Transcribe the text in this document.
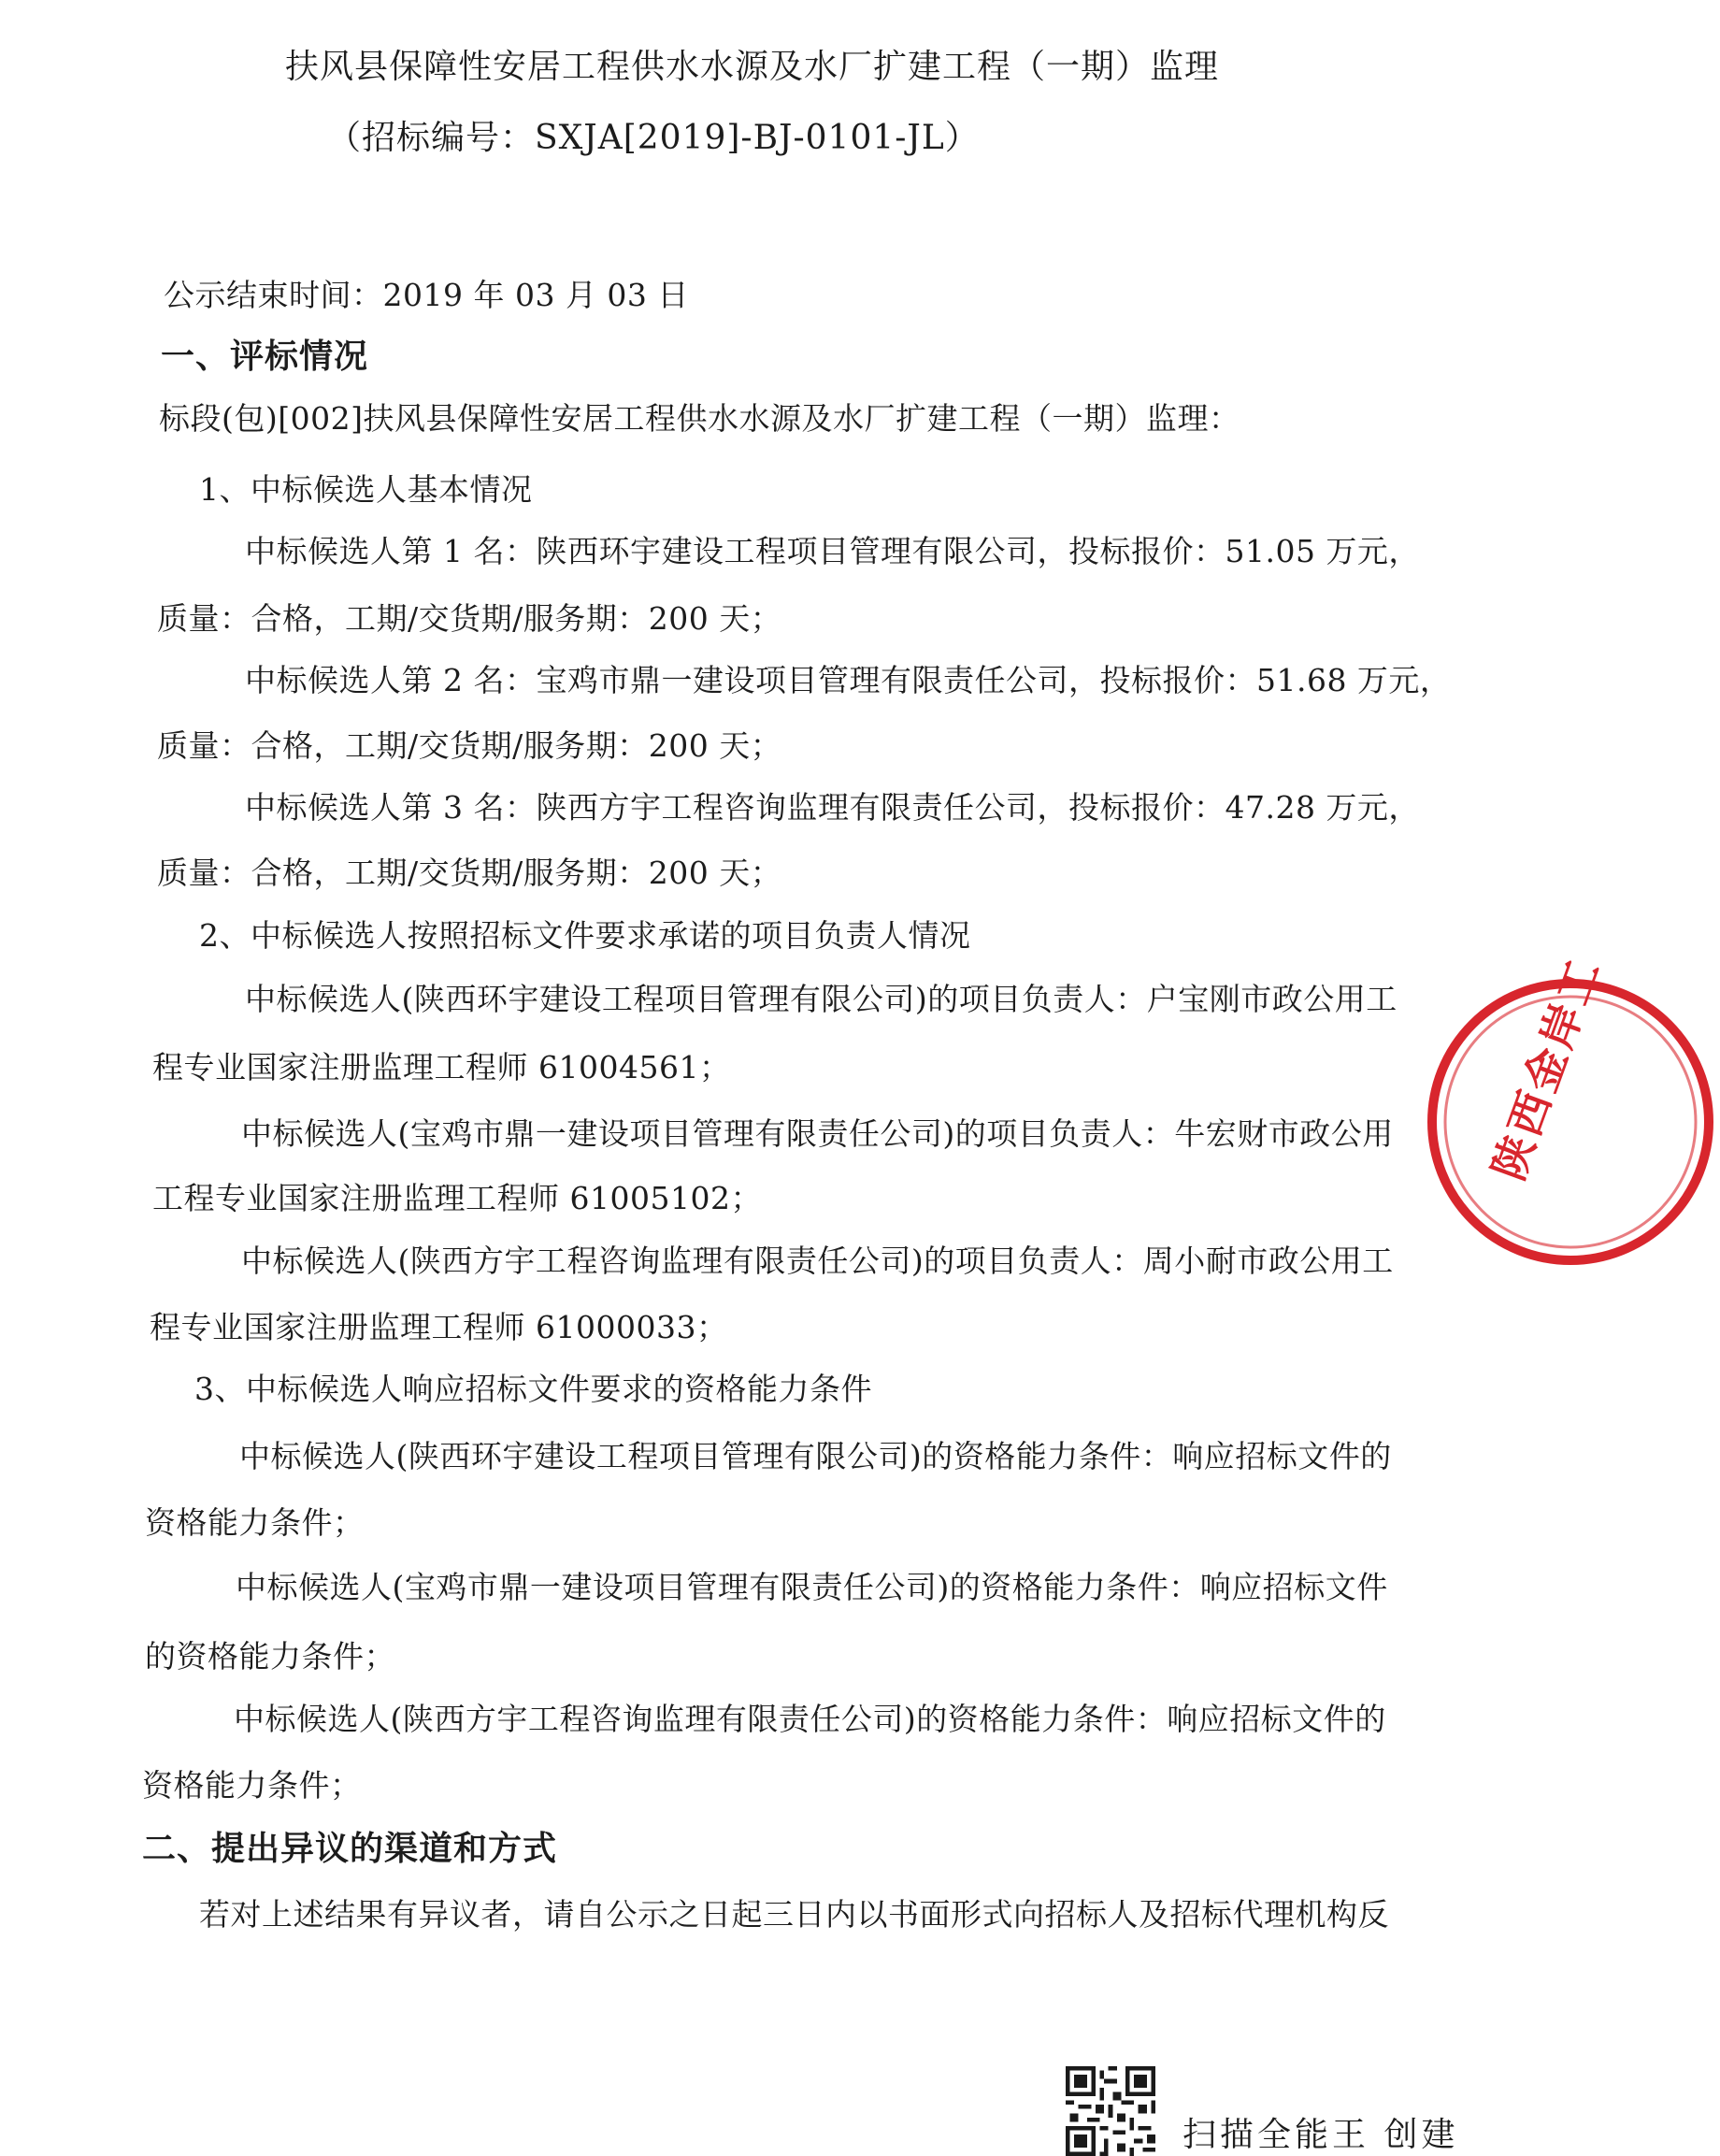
扶风县保障性安居工程供水水源及水厂扩建工程（一期）监理
（招标编号：SXJA[2019]-BJ-0101-JL）
公示结束时间：2019 年 03 月 03 日
一、评标情况
标段(包)[002]扶风县保障性安居工程供水水源及水厂扩建工程（一期）监理：
1、中标候选人基本情况
中标候选人第 1 名：陕西环宇建设工程项目管理有限公司，投标报价：51.05 万元，
质量：合格，工期/交货期/服务期：200 天；
中标候选人第 2 名：宝鸡市鼎一建设项目管理有限责任公司，投标报价：51.68 万元，
质量：合格，工期/交货期/服务期：200 天；
中标候选人第 3 名：陕西方宇工程咨询监理有限责任公司，投标报价：47.28 万元，
质量：合格，工期/交货期/服务期：200 天；
2、中标候选人按照招标文件要求承诺的项目负责人情况
中标候选人(陕西环宇建设工程项目管理有限公司)的项目负责人：户宝刚市政公用工
程专业国家注册监理工程师 61004561；
中标候选人(宝鸡市鼎一建设项目管理有限责任公司)的项目负责人：牛宏财市政公用
工程专业国家注册监理工程师 61005102；
中标候选人(陕西方宇工程咨询监理有限责任公司)的项目负责人：周小耐市政公用工
程专业国家注册监理工程师 61000033；
3、中标候选人响应招标文件要求的资格能力条件
中标候选人(陕西环宇建设工程项目管理有限公司)的资格能力条件：响应招标文件的
资格能力条件；
中标候选人(宝鸡市鼎一建设项目管理有限责任公司)的资格能力条件：响应招标文件
的资格能力条件；
中标候选人(陕西方宇工程咨询监理有限责任公司)的资格能力条件：响应招标文件的
资格能力条件；
二、提出异议的渠道和方式
若对上述结果有异议者，请自公示之日起三日内以书面形式向招标人及招标代理机构反
陕西金岸工
扫描全能王 创建
